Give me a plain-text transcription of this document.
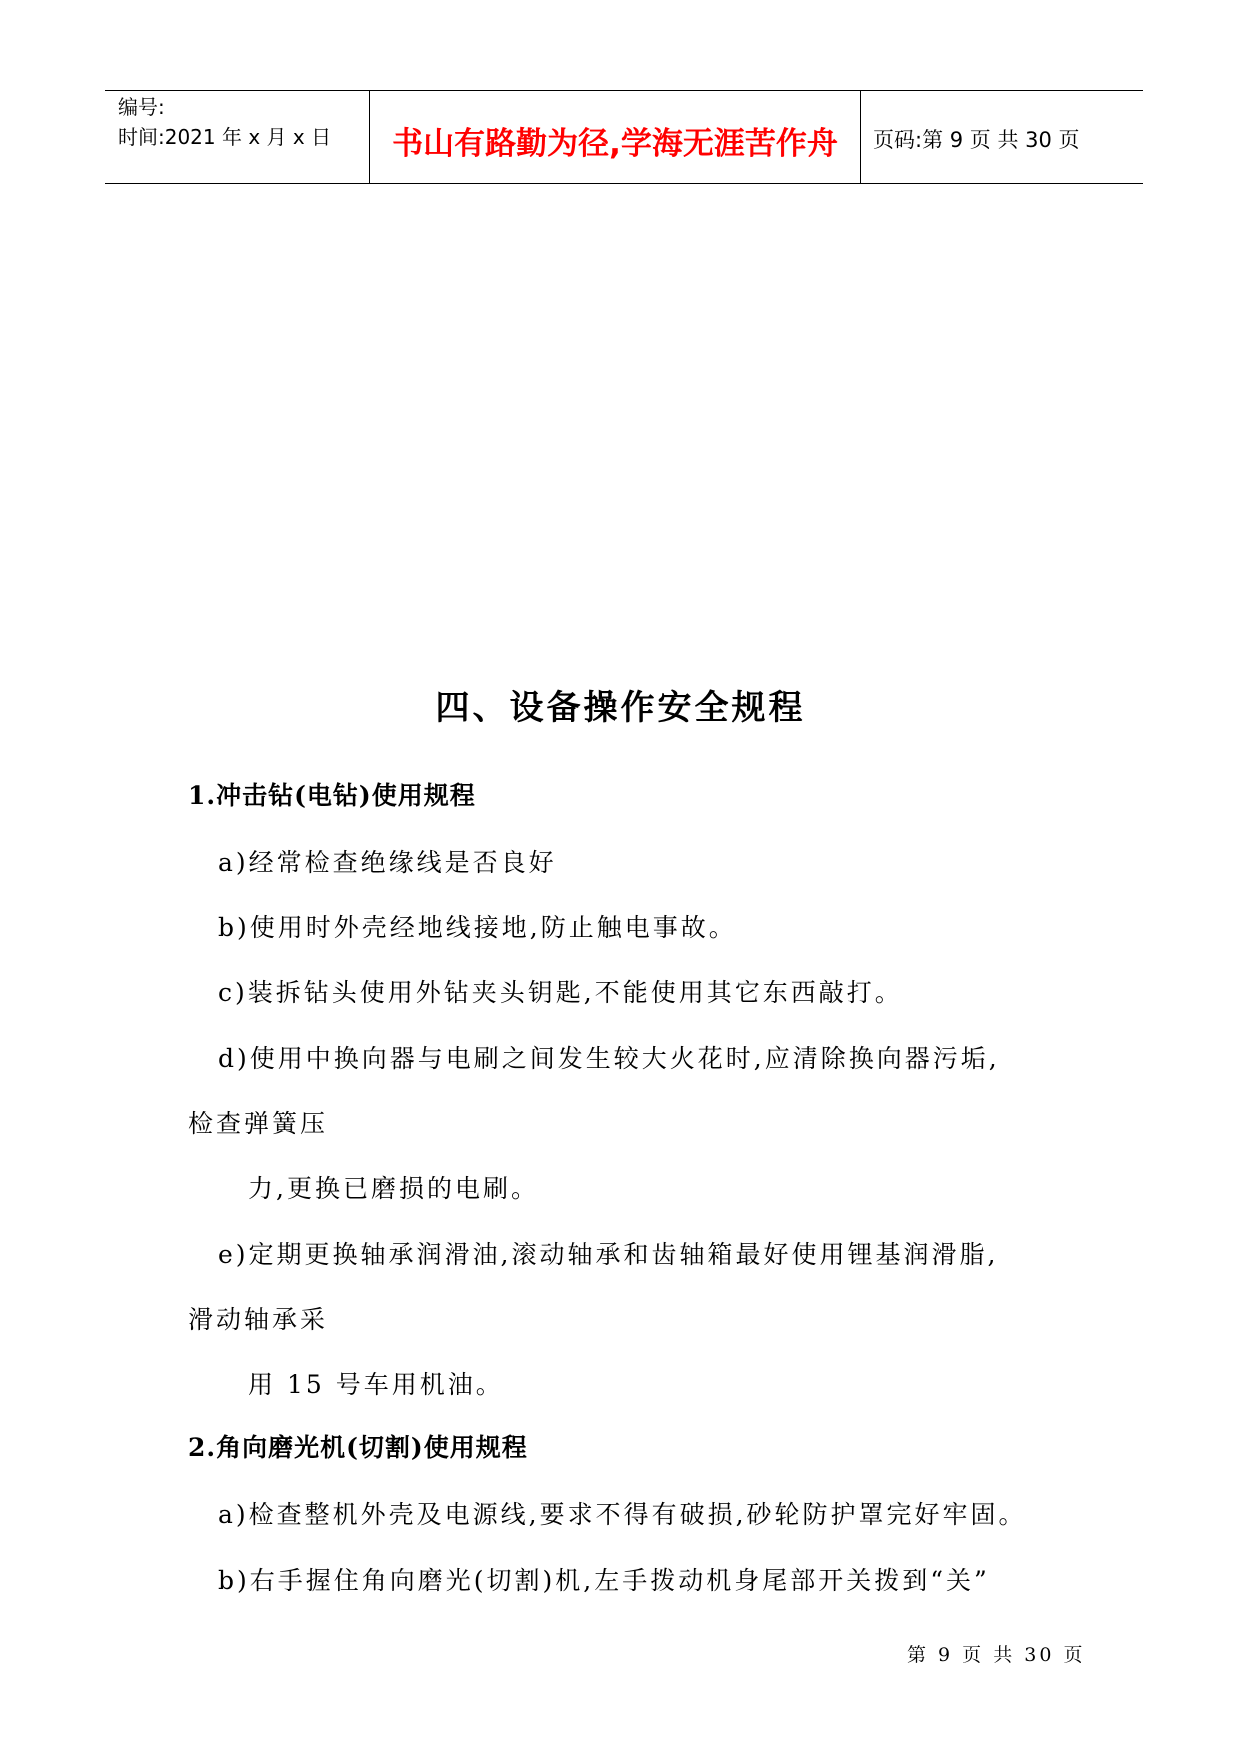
编号:
时间:2021 年 x 月 x 日	书山有路勤为径,学海无涯苦作舟	页码:第 9 页 共 30 页
四、设备操作安全规程
1.冲击钻(电钻)使用规程
a)经常检查绝缘线是否良好
b)使用时外壳经地线接地,防止触电事故。
c)装拆钻头使用外钻夹头钥匙,不能使用其它东西敲打。
d)使用中换向器与电刷之间发生较大火花时,应清除换向器污垢,
检查弹簧压
力,更换已磨损的电刷。
e)定期更换轴承润滑油,滚动轴承和齿轴箱最好使用锂基润滑脂,
滑动轴承采
用 15 号车用机油。
2.角向磨光机(切割)使用规程
a)检查整机外壳及电源线,要求不得有破损,砂轮防护罩完好牢固。
b)右手握住角向磨光(切割)机,左手拨动机身尾部开关拨到“关”
第 9 页 共 30 页
